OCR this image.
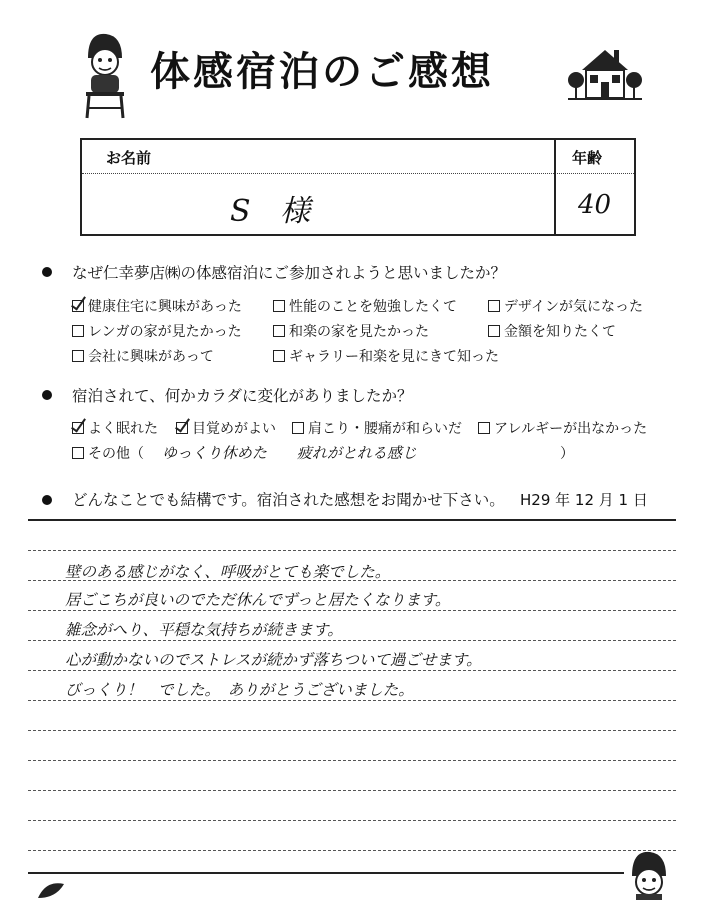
体感宿泊のご感想
お名前	年齢
S 様	40
なぜ仁幸夢店㈱の体感宿泊にご参加されようと思いましたか？
健康住宅に興味があった	性能のことを勉強したくて	デザインが気になった
レンガの家が見たかった	和楽の家を見たかった	金額を知りたくて
会社に興味があって	ギャラリー和楽を見にきて知った
宿泊されて、何かカラダに変化がありましたか？
よく眠れた	目覚めがよい	肩こり・腰痛が和らいだ	アレルギーが出なかった
その他（ ゆっくり休めた　　疲れがとれる感じ	）
どんなことでも結構です。宿泊された感想をお聞かせ下さい。 H29 年 12 月 1 日
壁のある感じがなく、呼吸がとても楽でした。
居ごこちが良いのでただ休んでずっと居たくなります。
雑念がへり、平穏な気持ちが続きます。
心が動かないのでストレスが続かず落ちついて過ごせます。
びっくり！　でした。　ありがとうございました。
